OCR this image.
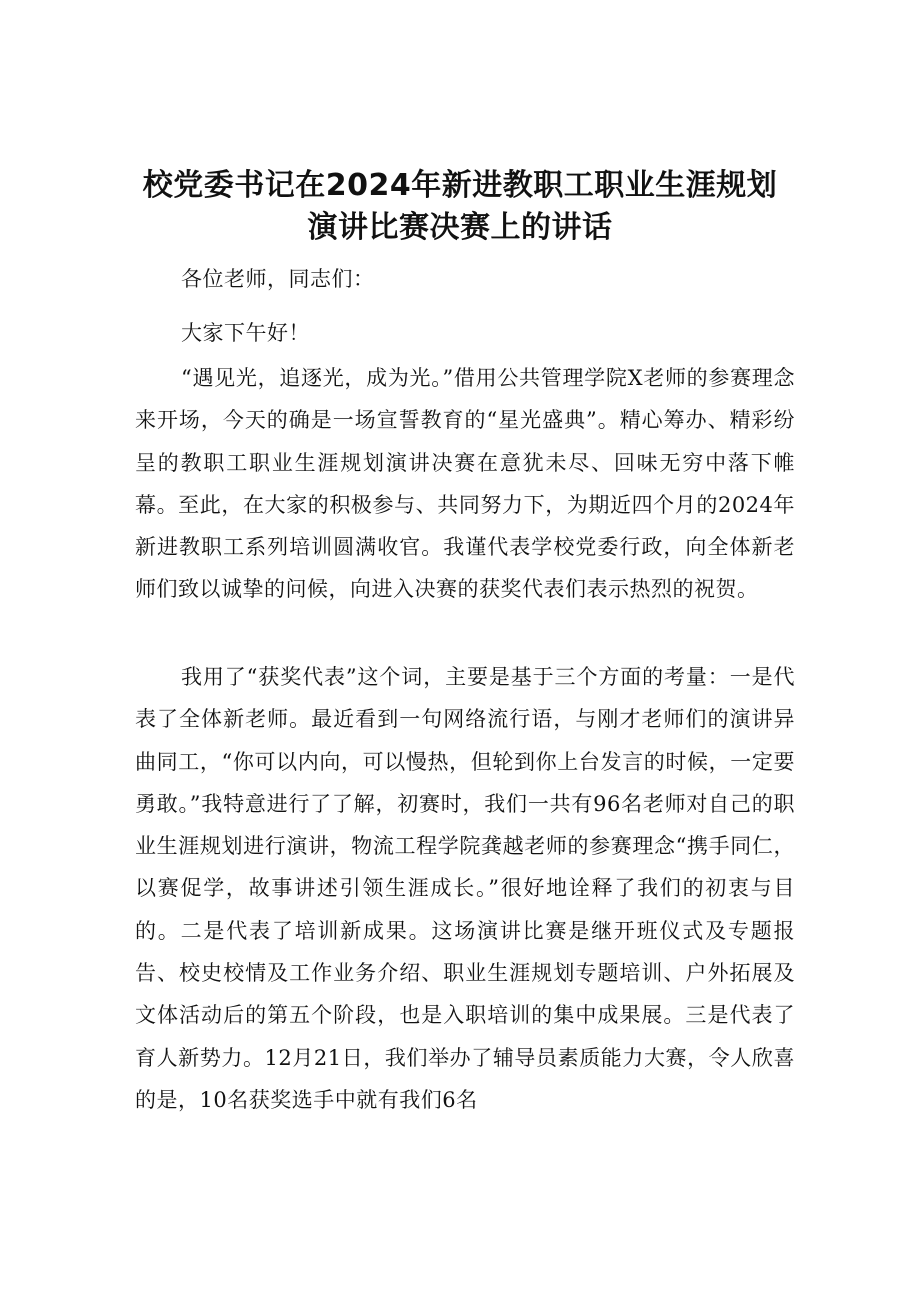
校党委书记在2024年新进教职工职业生涯规划
演讲比赛决赛上的讲话
各位老师，同志们：
大家下午好！
“遇见光，追逐光，成为光。”借用公共管理学院X老师的参赛理念来开场，今天的确是一场宣誓教育的“星光盛典”。精心筹办、精彩纷呈的教职工职业生涯规划演讲决赛在意犹未尽、回味无穷中落下帷幕。至此，在大家的积极参与、共同努力下，为期近四个月的2024年新进教职工系列培训圆满收官。我谨代表学校党委行政，向全体新老师们致以诚挚的问候，向进入决赛的获奖代表们表示热烈的祝贺。
我用了“获奖代表”这个词，主要是基于三个方面的考量：一是代表了全体新老师。最近看到一句网络流行语，与刚才老师们的演讲异曲同工，“你可以内向，可以慢热，但轮到你上台发言的时候，一定要勇敢。”我特意进行了了解，初赛时，我们一共有96名老师对自己的职业生涯规划进行演讲，物流工程学院龚越老师的参赛理念“携手同仁，以赛促学，故事讲述引领生涯成长。”很好地诠释了我们的初衷与目的。二是代表了培训新成果。这场演讲比赛是继开班仪式及专题报告、校史校情及工作业务介绍、职业生涯规划专题培训、户外拓展及文体活动后的第五个阶段，也是入职培训的集中成果展。三是代表了育人新势力。12月21日，我们举办了辅导员素质能力大赛，令人欣喜的是，10名获奖选手中就有我们6名
